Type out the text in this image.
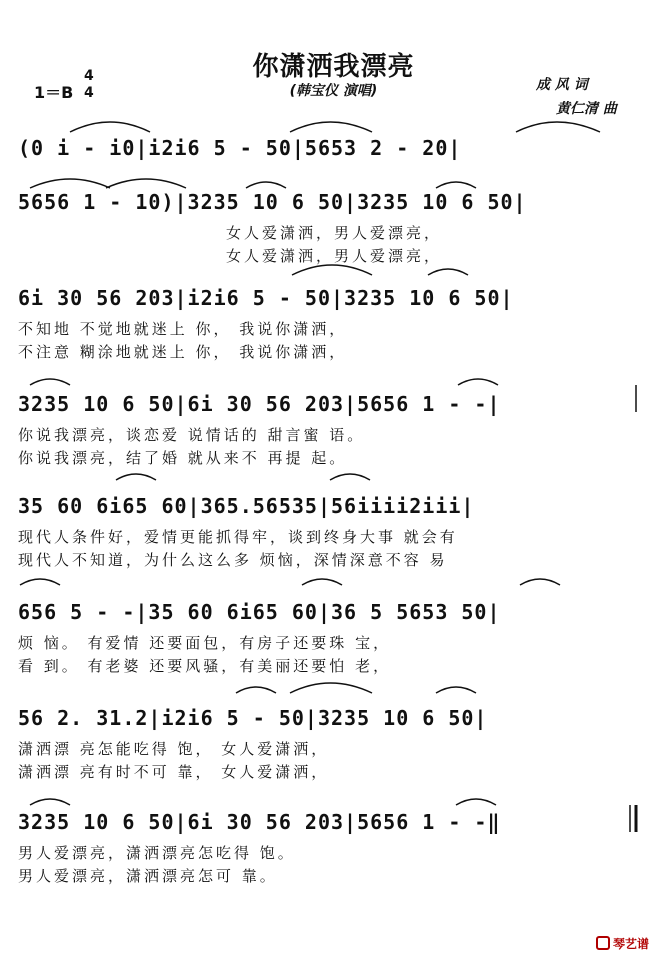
你潇洒我漂亮
(韩宝仪 演唱)
1＝B
4
4	成 风 词
黄仁清 曲
(0 i - i0|i2i6 5 - 50|5653 2 - 20|
5656 1 - 10)|3235 10 6 50|3235 10 6 50|
女人爱潇洒，男人爱漂亮，
女人爱潇洒，男人爱漂亮，
6i 30 56 203|i2i6 5 - 50|3235 10 6 50|
不知地 不觉地就迷上 你， 我说你潇洒，
不注意 糊涂地就迷上 你， 我说你潇洒，
3235 10 6 50|6i 30 56 203|5656 1 - -|
你说我漂亮，谈恋爱 说情话的 甜言蜜 语。
你说我漂亮，结了婚 就从来不 再提 起。
35 60 6i65 60|365.56535|56iiii2iii|
现代人条件好，爱情更能抓得牢，谈到终身大事 就会有
现代人不知道，为什么这么多 烦恼，深情深意不容 易
656 5 - -|35 60 6i65 60|36 5 5653 50|
烦 恼。 有爱情 还要面包，有房子还要珠 宝，
看 到。 有老婆 还要风骚，有美丽还要怕 老，
56 2. 31.2|i2i6 5 - 50|3235 10 6 50|
潇洒漂 亮怎能吃得 饱， 女人爱潇洒，
潇洒漂 亮有时不可 靠， 女人爱潇洒，
3235 10 6 50|6i 30 56 203|5656 1 - -‖
男人爱漂亮，潇洒漂亮怎吃得 饱。
男人爱漂亮，潇洒漂亮怎可 靠。
琴艺谱
